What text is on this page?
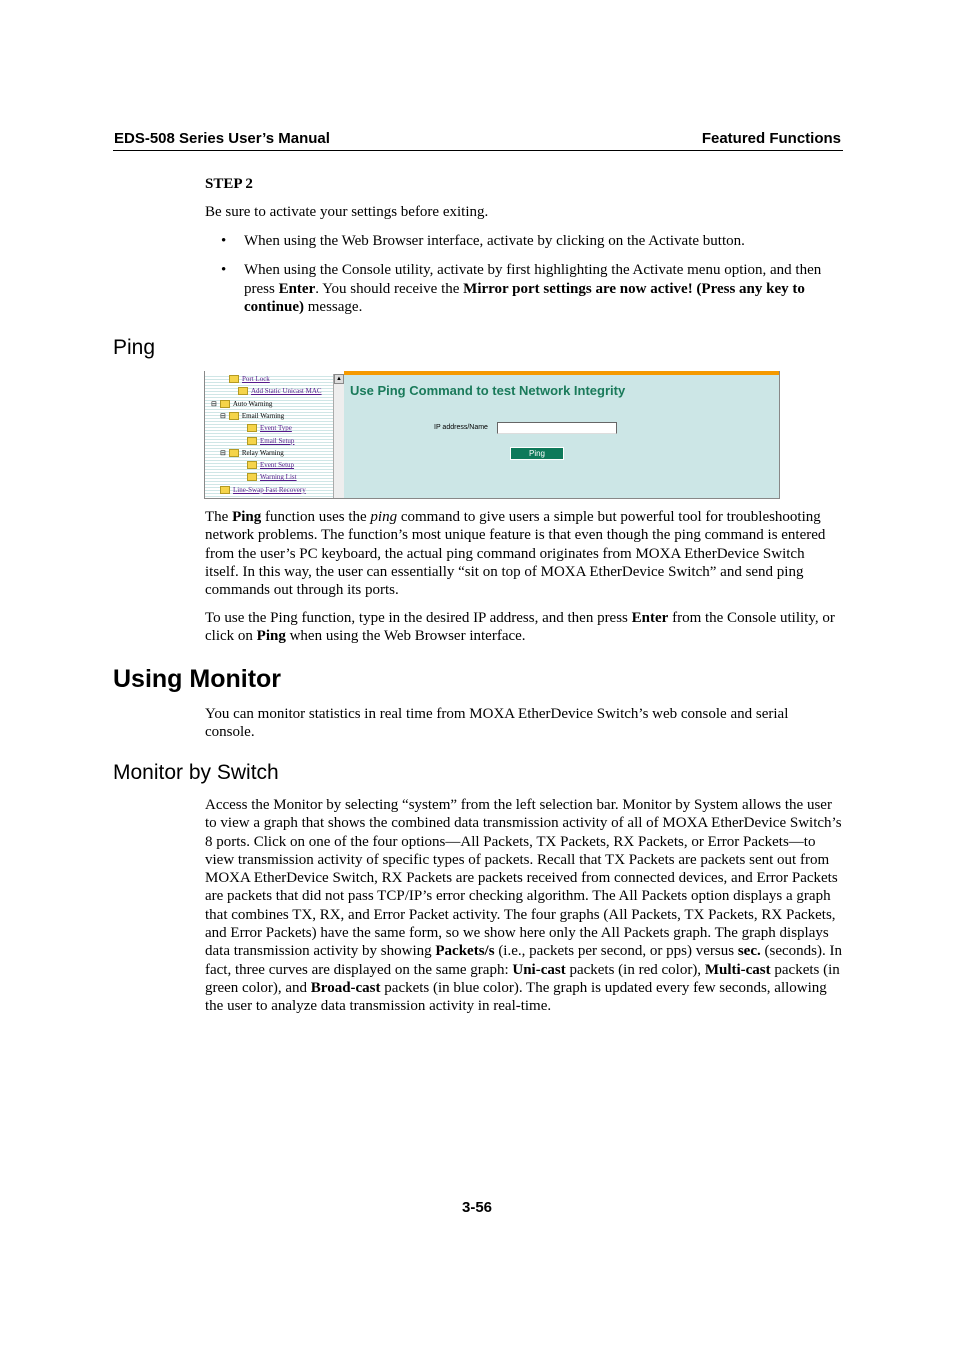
EDS-508 Series User’s Manual	Featured Functions
STEP 2
Be sure to activate your settings before exiting.
• When using the Web Browser interface, activate by clicking on the Activate button.
• When using the Console utility, activate by first highlighting the Activate menu option, and then press Enter. You should receive the Mirror port settings are now active! (Press any key to continue) message.
Ping
Port Lock
Add Static Unicast MAC
⊟ Auto Warning
⊟ Email Warning
Event Type
Email Setup
⊟ Relay Warning
Event Setup
Warning List
Line-Swap Fast Recovery
▲
Use Ping Command to test Network Integrity
IP address/Name
Ping
The Ping function uses the ping command to give users a simple but powerful tool for troubleshooting network problems. The function’s most unique feature is that even though the ping command is entered from the user’s PC keyboard, the actual ping command originates from MOXA EtherDevice Switch itself. In this way, the user can essentially “sit on top of MOXA EtherDevice Switch” and send ping commands out through its ports.
To use the Ping function, type in the desired IP address, and then press Enter from the Console utility, or click on Ping when using the Web Browser interface.
Using Monitor
You can monitor statistics in real time from MOXA EtherDevice Switch’s web console and serial console.
Monitor by Switch
Access the Monitor by selecting “system” from the left selection bar. Monitor by System allows the user to view a graph that shows the combined data transmission activity of all of MOXA EtherDevice Switch’s 8 ports. Click on one of the four options—All Packets, TX Packets, RX Packets, or Error Packets—to view transmission activity of specific types of packets. Recall that TX Packets are packets sent out from MOXA EtherDevice Switch, RX Packets are packets received from connected devices, and Error Packets are packets that did not pass TCP/IP’s error checking algorithm. The All Packets option displays a graph that combines TX, RX, and Error Packet activity. The four graphs (All Packets, TX Packets, RX Packets, and Error Packets) have the same form, so we show here only the All Packets graph. The graph displays data transmission activity by showing Packets/s (i.e., packets per second, or pps) versus sec. (seconds). In fact, three curves are displayed on the same graph: Uni-cast packets (in red color), Multi-cast packets (in green color), and Broad-cast packets (in blue color). The graph is updated every few seconds, allowing the user to analyze data transmission activity in real-time.
3-56
